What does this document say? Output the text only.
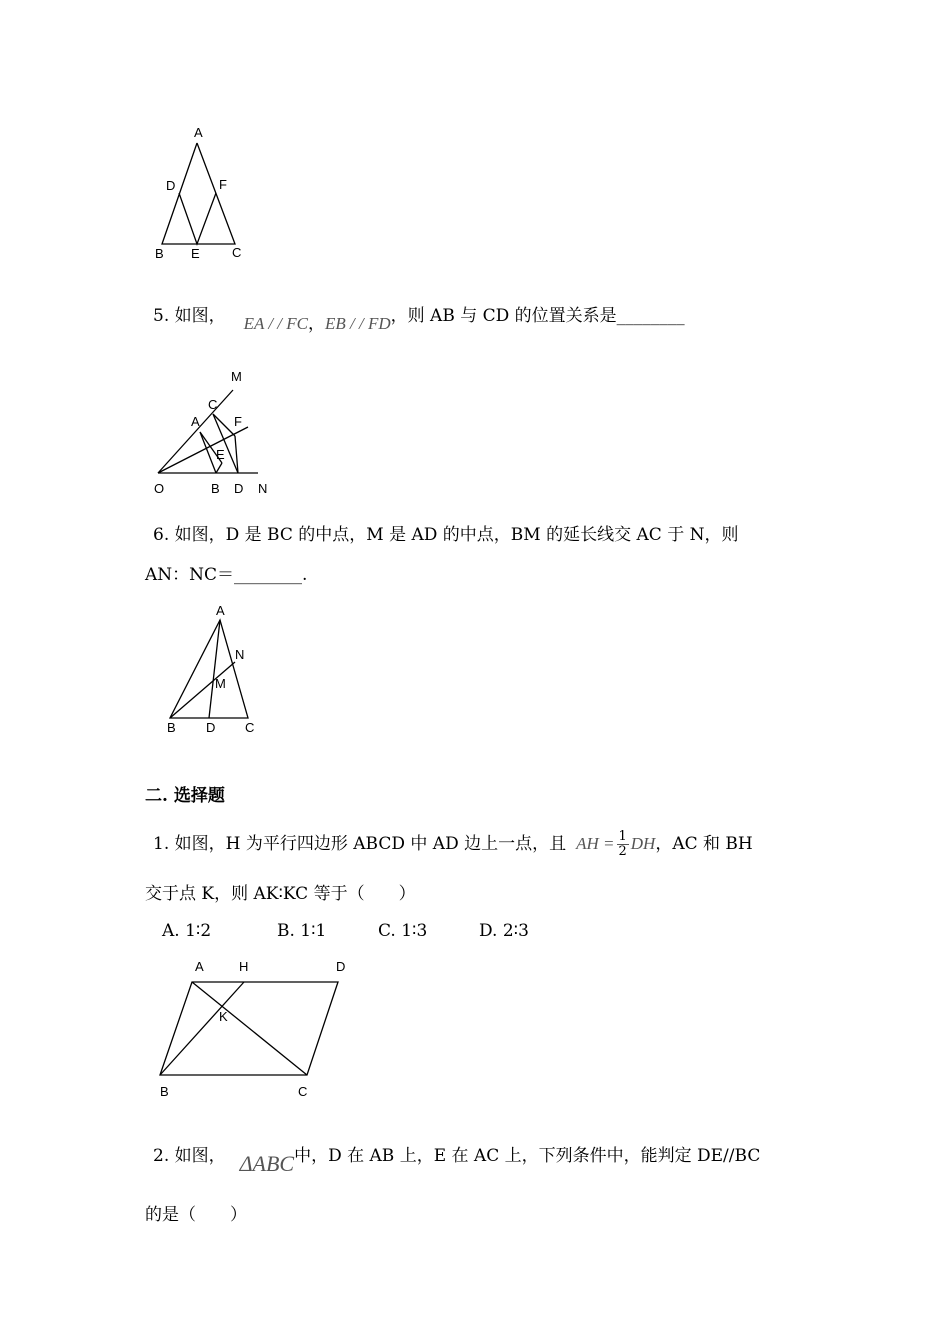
A
D	F
B E C
5. 如图， EA / / FC，EB / / FD，则 AB 与 CD 的位置关系是________
M
C
A	F
E
O	B D N
6. 如图，D 是 BC 的中点，M 是 AD 的中点，BM 的延长线交 AC 于 N，则
AN：NC＝________.
A
N
M
B D C
二. 选择题
1. 如图，H 为平行四边形 ABCD 中 AD 边上一点，且 AH = $\frac{1}{2}$ DH，AC 和 BH
交于点 K，则 AK∶KC 等于（　　）
A. 1∶2	B. 1∶1	C. 1∶3	D. 2∶3
A	H	D
K
B	C
2. 如图， ΔABC中，D 在 AB 上，E 在 AC 上，下列条件中，能判定 DE//BC
的是（　　）
